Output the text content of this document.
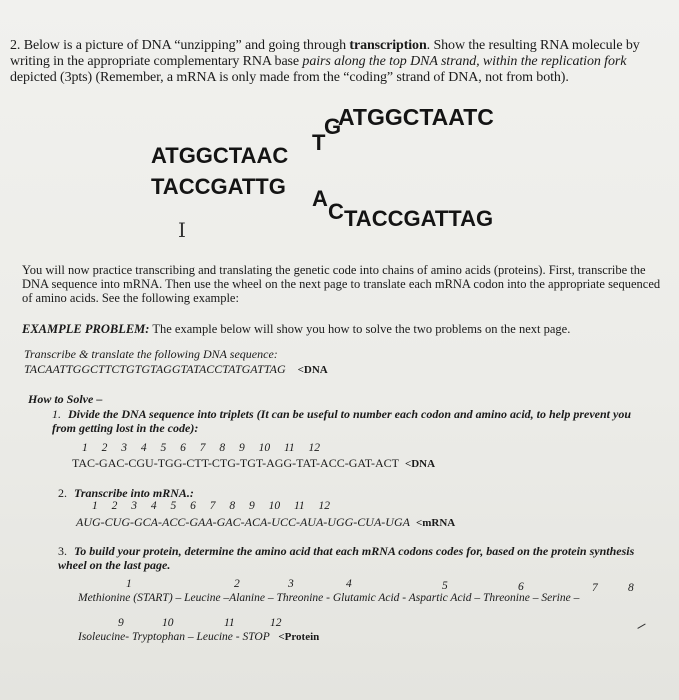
2. Below is a picture of DNA “unzipping” and going through transcription. Show the resulting RNA molecule by writing in the appropriate complementary RNA base pairs along the top DNA strand, within the replication fork depicted (3pts) (Remember, a mRNA is only made from the “coding” strand of DNA, not from both).
ATGGCTAATC
G
T
ATGGCTAAC
TACCGATTG A
C TACCGATTAG
I
You will now practice transcribing and translating the genetic code into chains of amino acids (proteins). First, transcribe the DNA sequence into mRNA. Then use the wheel on the next page to translate each mRNA codon into the appropriate sequenced of amino acids. See the following example:
EXAMPLE PROBLEM: The example below will show you how to solve the two problems on the next page.
Transcribe & translate the following DNA sequence:
TACAATTGGCTTCTGTGTAGGTATACCTATGATTAG <DNA
How to Solve –
1. Divide the DNA sequence into triplets (It can be useful to number each codon and amino acid, to help prevent you from getting lost in the code):
1 2 3 4 5 6 7 8 9 10 11 12
TAC-GAC-CGU-TGG-CTT-CTG-TGT-AGG-TAT-ACC-GAT-ACT <DNA
2. Transcribe into mRNA.:
1 2 3 4 5 6 7 8 9 10 11 12
AUG-CUG-GCA-ACC-GAA-GAC-ACA-UCC-AUA-UGG-CUA-UGA <mRNA
3. To build your protein, determine the amino acid that each mRNA codons codes for, based on the protein synthesis wheel on the last page.
1	2	3	4	5	6	7	8
Methionine (START) – Leucine –Alanine – Threonine - Glutamic Acid - Aspartic Acid – Threonine – Serine –
9	10	11	12
Isoleucine- Tryptophan – Leucine - STOP <Protein
